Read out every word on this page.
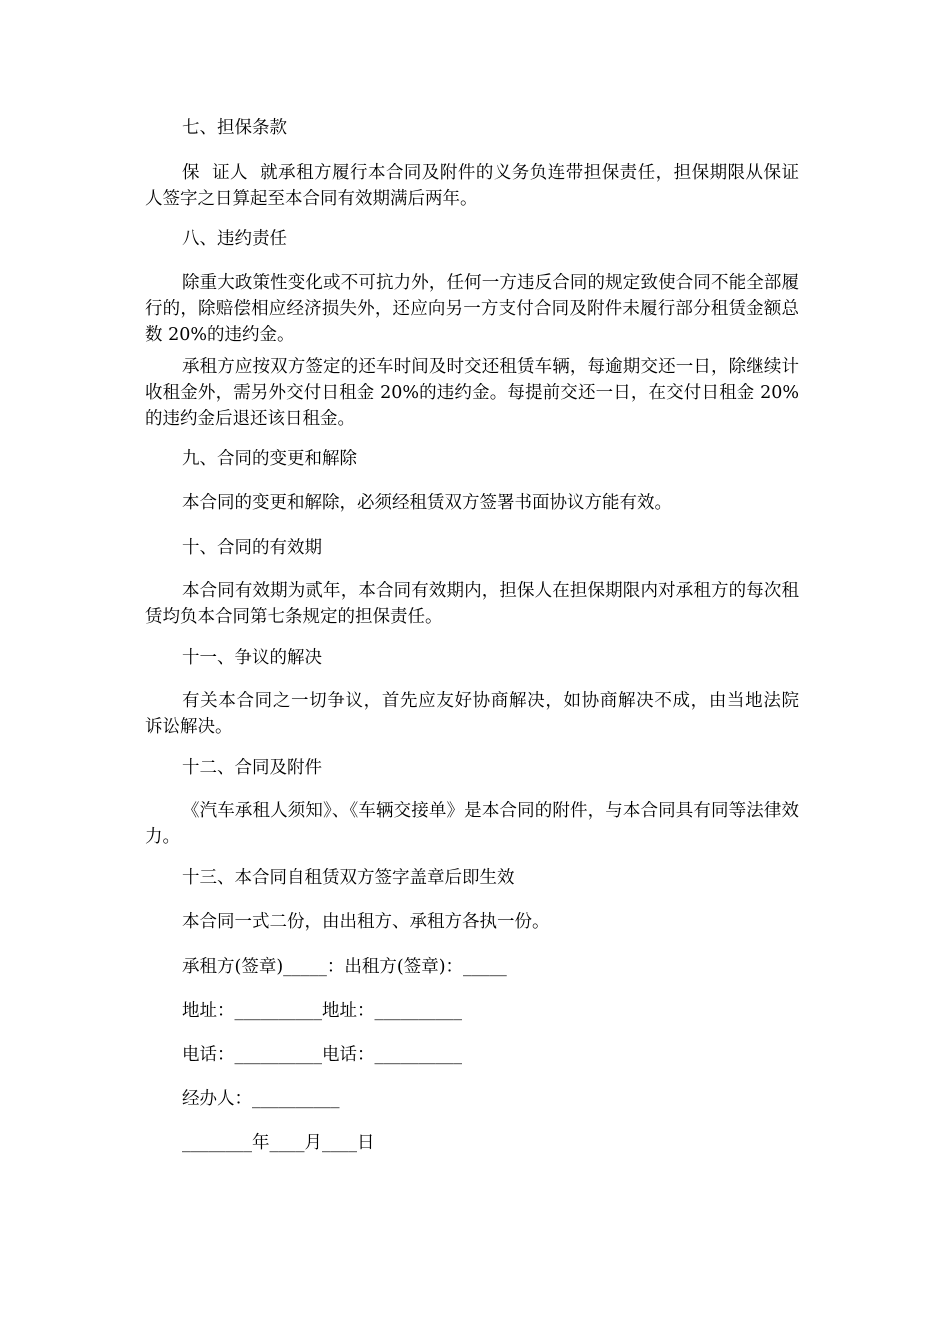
七、担保条款
保  证人  就承租方履行本合同及附件的义务负连带担保责任，担保期限从保证人签字之日算起至本合同有效期满后两年。
八、违约责任
除重大政策性变化或不可抗力外，任何一方违反合同的规定致使合同不能全部履行的，除赔偿相应经济损失外，还应向另一方支付合同及附件未履行部分租赁金额总数 20%的违约金。
承租方应按双方签定的还车时间及时交还租赁车辆，每逾期交还一日，除继续计收租金外，需另外交付日租金 20%的违约金。每提前交还一日，在交付日租金 20%的违约金后退还该日租金。
九、合同的变更和解除
本合同的变更和解除，必须经租赁双方签署书面协议方能有效。
十、合同的有效期
本合同有效期为贰年，本合同有效期内，担保人在担保期限内对承租方的每次租赁均负本合同第七条规定的担保责任。
十一、争议的解决
有关本合同之一切争议，首先应友好协商解决，如协商解决不成，由当地法院  诉讼解决。
十二、合同及附件
《汽车承租人须知》、《车辆交接单》是本合同的附件，与本合同具有同等法律效力。
十三、本合同自租赁双方签字盖章后即生效
本合同一式二份，由出租方、承租方各执一份。
承租方(签章)_____：出租方(签章)：_____
地址：__________地址：__________
电话：__________电话：__________
经办人：__________
________年____月____日
